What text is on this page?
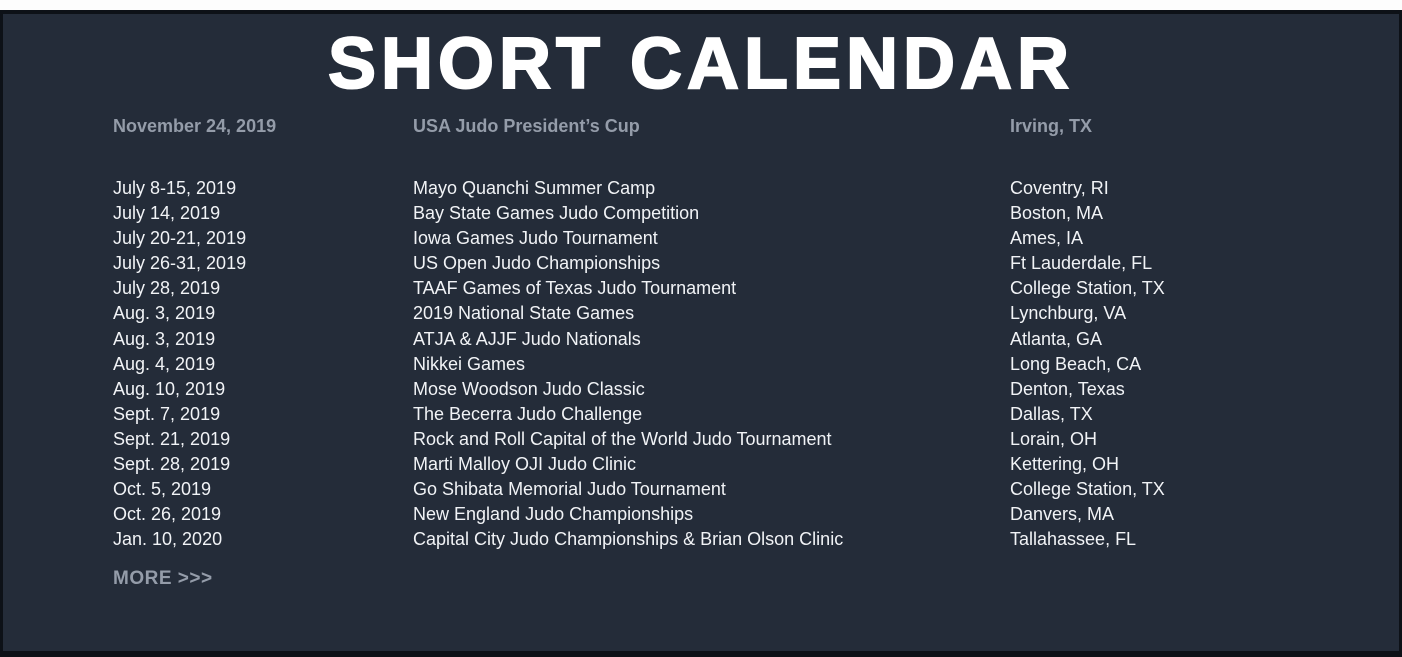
SHORT CALENDAR
November 24, 2019	USA Judo President’s Cup	Irving, TX
July 8-15, 2019	Mayo Quanchi Summer Camp	Coventry, RI
July 14, 2019	Bay State Games Judo Competition	Boston, MA
July 20-21, 2019	Iowa Games Judo Tournament	Ames, IA
July 26-31, 2019	US Open Judo Championships	Ft Lauderdale, FL
July 28, 2019	TAAF Games of Texas Judo Tournament	College Station, TX
Aug. 3, 2019	2019 National State Games	Lynchburg, VA
Aug. 3, 2019	ATJA & AJJF Judo Nationals	Atlanta, GA
Aug. 4, 2019	Nikkei Games	Long Beach, CA
Aug. 10, 2019	Mose Woodson Judo Classic	Denton, Texas
Sept. 7, 2019	The Becerra Judo Challenge	Dallas, TX
Sept. 21, 2019	Rock and Roll Capital of the World Judo Tournament	Lorain, OH
Sept. 28, 2019	Marti Malloy OJI Judo Clinic	Kettering, OH
Oct. 5, 2019	Go Shibata Memorial Judo Tournament	College Station, TX
Oct. 26, 2019	New England Judo Championships	Danvers, MA
Jan. 10, 2020	Capital City Judo Championships & Brian Olson Clinic	Tallahassee, FL
MORE >>>
